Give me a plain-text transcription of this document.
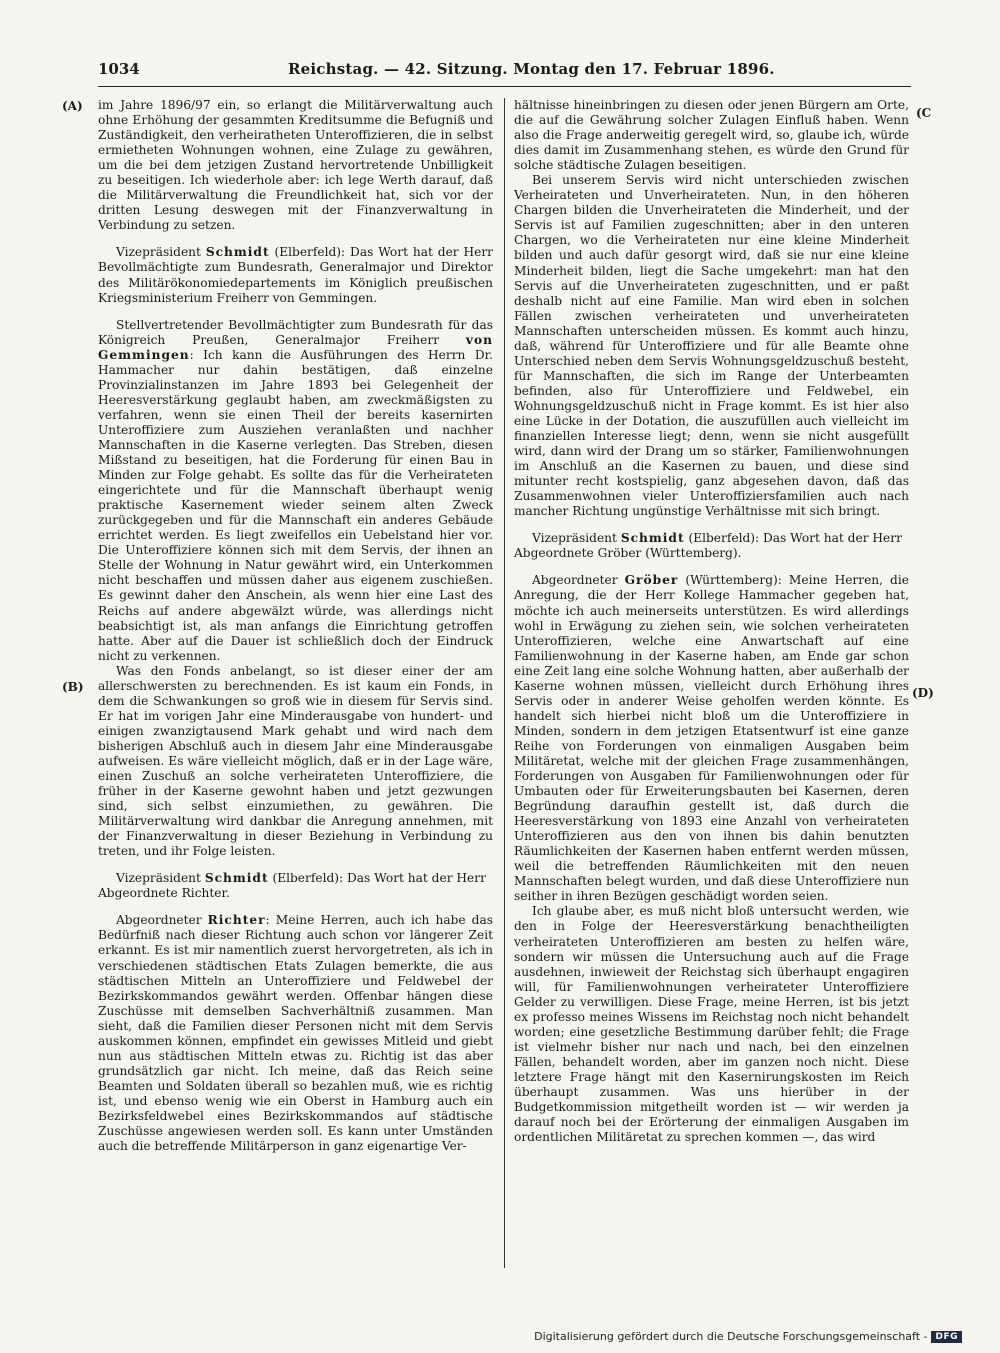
1034	Reichstag. — 42. Sitzung. Montag den 17. Februar 1896.
(A)
(B)
(C
(D)

im Jahre 1896/97 ein, so erlangt die Militärverwaltung auch ohne Erhöhung der gesammten Kreditsumme die Befugniß und Zuständigkeit, den verheiratheten Unteroffizieren, die in selbst ermietheten Wohnungen wohnen, eine Zulage zu gewähren, um die bei dem jetzigen Zustand hervortretende Unbilligkeit zu beseitigen. Ich wiederhole aber: ich lege Werth darauf, daß die Militärverwaltung die Freundlichkeit hat, sich vor der dritten Lesung deswegen mit der Finanzverwaltung in Verbindung zu setzen.

Vizepräsident Schmidt (Elberfeld): Das Wort hat der Herr Bevollmächtigte zum Bundesrath, Generalmajor und Direktor des Militärökonomiedepartements im Königlich preußischen Kriegsministerium Freiherr von Gemmingen.

Stellvertretender Bevollmächtigter zum Bundesrath für das Königreich Preußen, Generalmajor Freiherr von Gemmingen: Ich kann die Ausführungen des Herrn Dr. Hammacher nur dahin bestätigen, daß einzelne Provinzialinstanzen im Jahre 1893 bei Gelegenheit der Heeresverstärkung geglaubt haben, am zweckmäßigsten zu verfahren, wenn sie einen Theil der bereits kasernirten Unteroffiziere zum Ausziehen veranlaßten und nachher Mannschaften in die Kaserne verlegten. Das Streben, diesen Mißstand zu beseitigen, hat die Forderung für einen Bau in Minden zur Folge gehabt. Es sollte das für die Verheirateten eingerichtete und für die Mannschaft überhaupt wenig praktische Kasernement wieder seinem alten Zweck zurückgegeben und für die Mannschaft ein anderes Gebäude errichtet werden. Es liegt zweifellos ein Uebelstand hier vor. Die Unteroffiziere können sich mit dem Servis, der ihnen an Stelle der Wohnung in Natur gewährt wird, ein Unterkommen nicht beschaffen und müssen daher aus eigenem zuschießen. Es gewinnt daher den Anschein, als wenn hier eine Last des Reichs auf andere abgewälzt würde, was allerdings nicht beabsichtigt ist, als man anfangs die Einrichtung getroffen hatte. Aber auf die Dauer ist schließlich doch der Eindruck nicht zu verkennen.

Was den Fonds anbelangt, so ist dieser einer der am allerschwersten zu berechnenden. Es ist kaum ein Fonds, in dem die Schwankungen so groß wie in diesem für Servis sind. Er hat im vorigen Jahr eine Minderausgabe von hundert- und einigen zwanzigtausend Mark gehabt und wird nach dem bisherigen Abschluß auch in diesem Jahr eine Minderausgabe aufweisen. Es wäre vielleicht möglich, daß er in der Lage wäre, einen Zuschuß an solche verheirateten Unteroffiziere, die früher in der Kaserne gewohnt haben und jetzt gezwungen sind, sich selbst einzumiethen, zu gewähren. Die Militärverwaltung wird dankbar die Anregung annehmen, mit der Finanzverwaltung in dieser Beziehung in Verbindung zu treten, und ihr Folge leisten.

Vizepräsident Schmidt (Elberfeld): Das Wort hat der Herr Abgeordnete Richter.

Abgeordneter Richter: Meine Herren, auch ich habe das Bedürfniß nach dieser Richtung auch schon vor längerer Zeit erkannt. Es ist mir namentlich zuerst hervorgetreten, als ich in verschiedenen städtischen Etats Zulagen bemerkte, die aus städtischen Mitteln an Unteroffiziere und Feldwebel der Bezirkskommandos gewährt werden. Offenbar hängen diese Zuschüsse mit demselben Sachverhältniß zusammen. Man sieht, daß die Familien dieser Personen nicht mit dem Servis auskommen können, empfindet ein gewisses Mitleid und giebt nun aus städtischen Mitteln etwas zu. Richtig ist das aber grundsätzlich gar nicht. Ich meine, daß das Reich seine Beamten und Soldaten überall so bezahlen muß, wie es richtig ist, und ebenso wenig wie ein Oberst in Hamburg auch ein Bezirksfeldwebel eines Bezirkskommandos auf städtische Zuschüsse angewiesen werden soll. Es kann unter Umständen auch die betreffende Militärperson in ganz eigenartige Ver-

hältnisse hineinbringen zu diesen oder jenen Bürgern am Orte, die auf die Gewährung solcher Zulagen Einfluß haben. Wenn also die Frage anderweitig geregelt wird, so, glaube ich, würde dies damit im Zusammenhang stehen, es würde den Grund für solche städtische Zulagen beseitigen.

Bei unserem Servis wird nicht unterschieden zwischen Verheirateten und Unverheirateten. Nun, in den höheren Chargen bilden die Unverheirateten die Minderheit, und der Servis ist auf Familien zugeschnitten; aber in den unteren Chargen, wo die Verheirateten nur eine kleine Minderheit bilden und auch dafür gesorgt wird, daß sie nur eine kleine Minderheit bilden, liegt die Sache umgekehrt: man hat den Servis auf die Unverheirateten zugeschnitten, und er paßt deshalb nicht auf eine Familie. Man wird eben in solchen Fällen zwischen verheirateten und unverheirateten Mannschaften unterscheiden müssen. Es kommt auch hinzu, daß, während für Unteroffiziere und für alle Beamte ohne Unterschied neben dem Servis Wohnungsgeldzuschuß besteht, für Mannschaften, die sich im Range der Unterbeamten befinden, also für Unteroffiziere und Feldwebel, ein Wohnungsgeldzuschuß nicht in Frage kommt. Es ist hier also eine Lücke in der Dotation, die auszufüllen auch vielleicht im finanziellen Interesse liegt; denn, wenn sie nicht ausgefüllt wird, dann wird der Drang um so stärker, Familienwohnungen im Anschluß an die Kasernen zu bauen, und diese sind mitunter recht kostspielig, ganz abgesehen davon, daß das Zusammenwohnen vieler Unteroffiziersfamilien auch nach mancher Richtung ungünstige Verhältnisse mit sich bringt.

Vizepräsident Schmidt (Elberfeld): Das Wort hat der Herr Abgeordnete Gröber (Württemberg).

Abgeordneter Gröber (Württemberg): Meine Herren, die Anregung, die der Herr Kollege Hammacher gegeben hat, möchte ich auch meinerseits unterstützen. Es wird allerdings wohl in Erwägung zu ziehen sein, wie solchen verheirateten Unteroffizieren, welche eine Anwartschaft auf eine Familienwohnung in der Kaserne haben, am Ende gar schon eine Zeit lang eine solche Wohnung hatten, aber außerhalb der Kaserne wohnen müssen, vielleicht durch Erhöhung ihres Servis oder in anderer Weise geholfen werden könnte. Es handelt sich hierbei nicht bloß um die Unteroffiziere in Minden, sondern in dem jetzigen Etatsentwurf ist eine ganze Reihe von Forderungen von einmaligen Ausgaben beim Militäretat, welche mit der gleichen Frage zusammenhängen, Forderungen von Ausgaben für Familienwohnungen oder für Umbauten oder für Erweiterungsbauten bei Kasernen, deren Begründung daraufhin gestellt ist, daß durch die Heeresverstärkung von 1893 eine Anzahl von verheirateten Unteroffizieren aus den von ihnen bis dahin benutzten Räumlichkeiten der Kasernen haben entfernt werden müssen, weil die betreffenden Räumlichkeiten mit den neuen Mannschaften belegt wurden, und daß diese Unteroffiziere nun seither in ihren Bezügen geschädigt worden seien.

Ich glaube aber, es muß nicht bloß untersucht werden, wie den in Folge der Heeresverstärkung benachtheiligten verheirateten Unteroffizieren am besten zu helfen wäre, sondern wir müssen die Untersuchung auch auf die Frage ausdehnen, inwieweit der Reichstag sich überhaupt engagiren will, für Familienwohnungen verheirateter Unteroffiziere Gelder zu verwilligen. Diese Frage, meine Herren, ist bis jetzt ex professo meines Wissens im Reichstag noch nicht behandelt worden; eine gesetzliche Bestimmung darüber fehlt; die Frage ist vielmehr bisher nur nach und nach, bei den einzelnen Fällen, behandelt worden, aber im ganzen noch nicht. Diese letztere Frage hängt mit den Kasernirungskosten im Reich überhaupt zusammen. Was uns hierüber in der Budgetkommission mitgetheilt worden ist — wir werden ja darauf noch bei der Erörterung der einmaligen Ausgaben im ordentlichen Militäretat zu sprechen kommen —, das wird

Digitalisierung gefördert durch die Deutsche Forschungsgemeinschaft - DFG
